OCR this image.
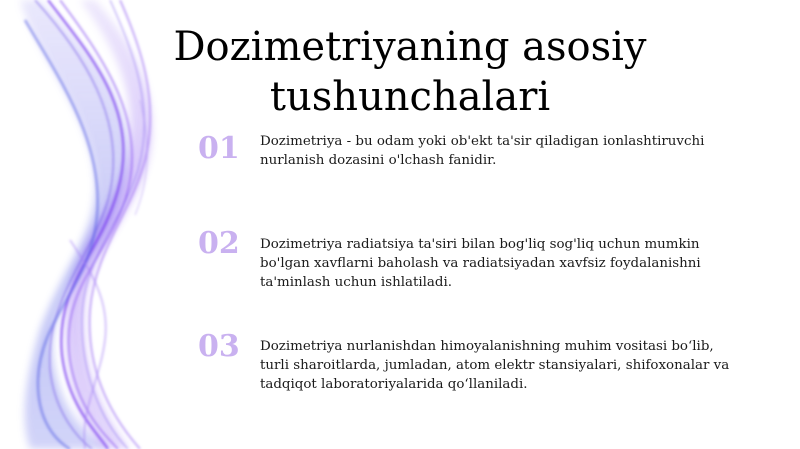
Dozimetriyaning asosiy tushunchalari
01	Dozimetriya - bu odam yoki ob'ekt ta'sir qiladigan ionlashtiruvchi nurlanish dozasini o'lchash fanidir.

02	Dozimetriya radiatsiya ta'siri bilan bog'liq sog'liq uchun mumkin bo'lgan xavflarni baholash va radiatsiyadan xavfsiz foydalanishni ta'minlash uchun ishlatiladi.

03	Dozimetriya nurlanishdan himoyalanishning muhim vositasi bo‘lib, turli sharoitlarda, jumladan, atom elektr stansiyalari, shifoxonalar va tadqiqot laboratoriyalarida qo‘llaniladi.
